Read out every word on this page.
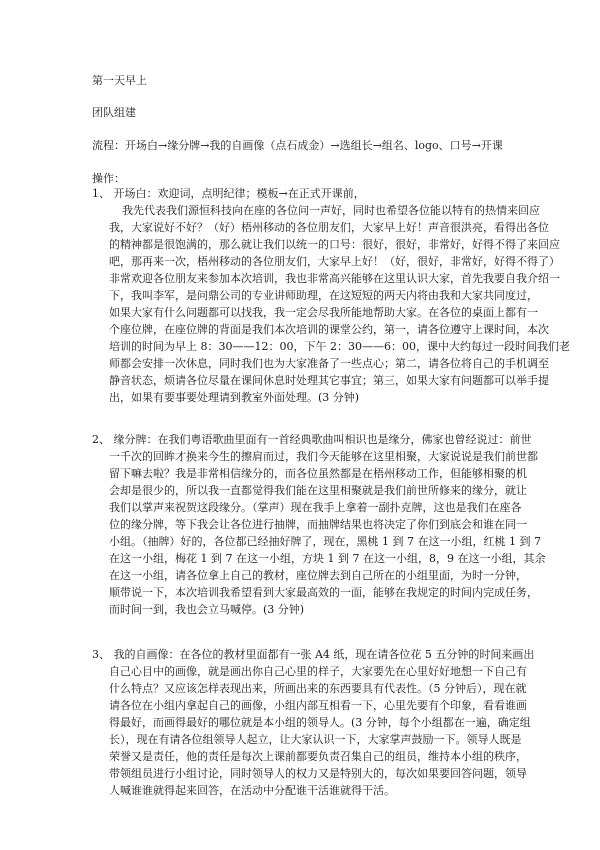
第一天早上
团队组建
流程：开场白→缘分牌→我的自画像（点石成金）→选组长→组名、logo、口号→开课
操作：
1、 开场白：欢迎词，点明纪律；模板→在正式开课前，
我先代表我们源恒科技向在座的各位问一声好，同时也希望各位能以特有的热情来回应
我，大家说好不好？（好）梧州移动的各位朋友们，大家早上好！声音很洪亮，看得出各位
的精神都是很饱满的，那么就让我们以统一的口号：很好，很好，非常好，好得不得了来回应
吧，那再来一次，梧州移动的各位朋友们，大家早上好！（好，很好，非常好，好得不得了）
非常欢迎各位朋友来参加本次培训，我也非常高兴能够在这里认识大家，首先我要自我介绍一
下，我叫李军，是问鼎公司的专业讲师助理，在这短短的两天内将由我和大家共同度过，
如果大家有什么问题都可以找我，我一定会尽我所能地帮助大家。在各位的桌面上都有一
个座位牌，在座位牌的背面是我们本次培训的课堂公约，第一，请各位遵守上课时间，本次
培训的时间为早上 8：30——12：00，下午 2：30——6：00，课中大约每过一段时间我们老
师都会安排一次休息，同时我们也为大家准备了一些点心；第二，请各位将自己的手机调至
静音状态，烦请各位尽量在课间休息时处理其它事宜；第三，如果大家有问题都可以举手提
出，如果有要事要处理请到教室外面处理。(3 分钟)
2、 缘分牌：在我们粤语歌曲里面有一首经典歌曲叫相识也是缘分，佛家也曾经说过：前世
一千次的回眸才换来今生的擦肩而过，我们今天能够在这里相聚，大家说说是我们前世都
留下嘛去啦？我是非常相信缘分的，而各位虽然都是在梧州移动工作，但能够相聚的机
会却是很少的，所以我一直都觉得我们能在这里相聚就是我们前世所修来的缘分，就让
我们以掌声来祝贺这段缘分。（掌声）现在我手上拿着一副扑克牌，这也是我们在座各
位的缘分牌，等下我会让各位进行抽牌，而抽牌结果也将决定了你们到底会和谁在同一
小组。（抽牌）好的，各位都已经抽好牌了，现在，黑桃 1 到 7 在这一小组，红桃 1 到 7
在这一小组，梅花 1 到 7 在这一小组，方块 1 到 7 在这一小组，8，9 在这一小组，其余
在这一小组，请各位拿上自己的教材，座位牌去到自己所在的小组里面，为时一分钟，
顺带说一下，本次培训我希望看到大家最高效的一面，能够在我规定的时间内完成任务，
而时间一到，我也会立马喊停。(3 分钟)
3、 我的自画像：在各位的教材里面都有一张 A4 纸，现在请各位花 5 五分钟的时间来画出
自己心目中的画像，就是画出你自己心里的样子，大家要先在心里好好地想一下自己有
什么特点？又应该怎样表现出来，所画出来的东西要具有代表性。（5 分钟后），现在就
请各位在小组内拿起自己的画像，小组内部互相看一下，心里先要有个印象，看看谁画
得最好，而画得最好的哪位就是本小组的领导人。(3 分钟，每个小组都在一遍，确定组
长），现在有请各位组领导人起立，让大家认识一下，大家掌声鼓励一下。领导人既是
荣誉又是责任，他的责任是每次上课前都要负责召集自己的组员，维持本小组的秩序，
带领组员进行小组讨论，同时领导人的权力又是特别大的，每次如果要回答问题，领导
人喊谁谁就得起来回答，在活动中分配谁干活谁就得干活。
